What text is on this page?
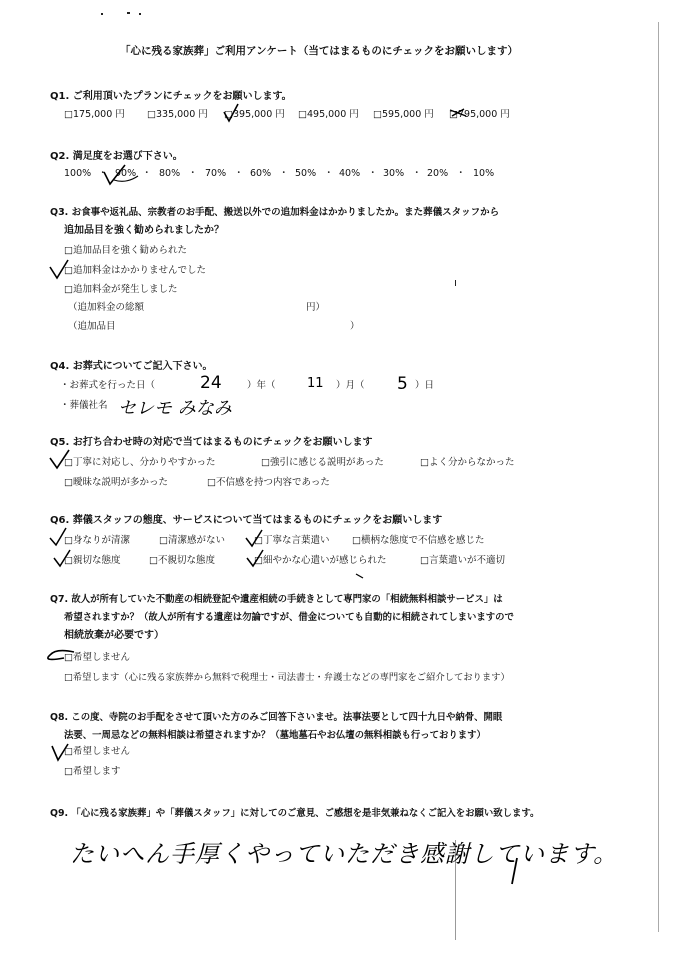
「心に残る家族葬」ご利用アンケート（当てはまるものにチェックをお願いします）
Q1. ご利用頂いたプランにチェックをお願いします。
□175,000 円 □335,000 円 □395,000 円 □495,000 円 □595,000 円 □795,000 円
Q2. 満足度をお選び下さい。
100% ・ 90% ・ 80% ・ 70% ・ 60% ・ 50% ・ 40% ・ 30% ・ 20% ・ 10%
Q3. お食事や返礼品、宗教者のお手配、搬送以外での追加料金はかかりましたか。また葬儀スタッフから
追加品目を強く勧められましたか？
□追加品目を強く勧められた
□追加料金はかかりませんでした
□追加料金が発生しました
（追加料金の総額	円）
（追加品目	）
Q4. お葬式についてご記入下さい。
・お葬式を行った日（	24	）年（ 11 ）月（ 5 ）日
・葬儀社名 セレモ みなみ
Q5. お打ち合わせ時の対応で当てはまるものにチェックをお願いします
□丁寧に対応し、分かりやすかった	□強引に感じる説明があった	□よく分からなかった
□曖昧な説明が多かった	□不信感を持つ内容であった
Q6. 葬儀スタッフの態度、サービスについて当てはまるものにチェックをお願いします
□身なりが清潔	□清潔感がない	□丁寧な言葉遣い □横柄な態度で不信感を感じた
□親切な態度	□不親切な態度	□細やかな心遣いが感じられた	□言葉遣いが不適切
Q7. 故人が所有していた不動産の相続登記や遺産相続の手続きとして専門家の「相続無料相談サービス」は
希望されますか？（故人が所有する遺産は勿論ですが、借金についても自動的に相続されてしまいますので
相続放棄が必要です）
□希望しません
□希望します（心に残る家族葬から無料で税理士・司法書士・弁護士などの専門家をご紹介しております）
Q8. この度、寺院のお手配をさせて頂いた方のみご回答下さいませ。法事法要として四十九日や納骨、開眼
法要、一周忌などの無料相談は希望されますか？（墓地墓石やお仏壇の無料相談も行っております）
□希望しません
□希望します
Q9. 「心に残る家族葬」や「葬儀スタッフ」に対してのご意見、ご感想を是非気兼ねなくご記入をお願い致します。
たいへん手厚くやっていただき感謝しています。
